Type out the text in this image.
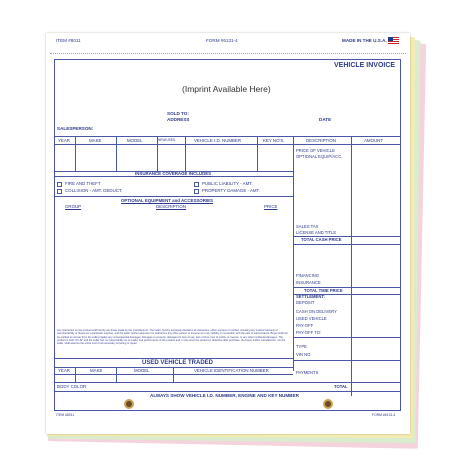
ITEM #8011	FORM #6131-4	MADE IN THE U.S.A.
VEHICLE INVOICE
(Imprint Available Here)
SOLD TO:
ADDRESS	DATE
SALESPERSON:
YEAR	MAKE	MODEL	NEW/USED	VEHICLE I.D. NUMBER	KEY NO'S.	DESCRIPTION	AMOUNT
PRICE OF VEHICLE
OPTIONAL EQUIP/ACC.
SALES TAX
LICENSE AND TITLE
TOTAL CASH PRICE
FINANCING
INSURANCE
TOTAL TIME PRICE
SETTLEMENT:
DEPOSIT
CASH ON DELIVERY
USED VEHICLE
PAY-OFF
PAY-OFF TO:
TYPE
VIN NO.
PAYMENTS
TOTAL
INSURANCE COVERAGE INCLUDES
FIRE AND THEFT
COLLISION - AMT. DEDUCT.
PUBLIC LIABILITY - AMT.
PROPERTY DAMAGE - AMT.
OPTIONAL EQUIPMENT and ACCESSORIES
GROUP	DESCRIPTION	PRICE
Any warranties on the product sold hereby are those made by the manufacturer. The seller, hereby expressly disclaims all warranties, either express or implied, including any implied warranty of merchantability or fitness for a particular purpose, and the seller neither assumes nor authorizes any other person to assume for it any liability in connection with the sale of said products. Buyer shall not be entitled to recover from the selling dealer any consequential damages, damages to property, damages for loss of use, loss of time, loss of profits, or income, or any other incidental damages. The product is sold "AS-IS" and the seller has no responsibility as to quality and performance of the product and, in the event the product is defective after purchase, the buyer and/or manufacturer, not the seller, shall assume the entire cost of all necessary servicing or repair.
USED VEHICLE TRADED
YEAR	MAKE	MODEL	VEHICLE IDENTIFICATION NUMBER
BODY COLOR:
ALWAYS SHOW VEHICLE I.D. NUMBER, ENGINE AND KEY NUMBER
ITEM #8011	FORM #6131-4
